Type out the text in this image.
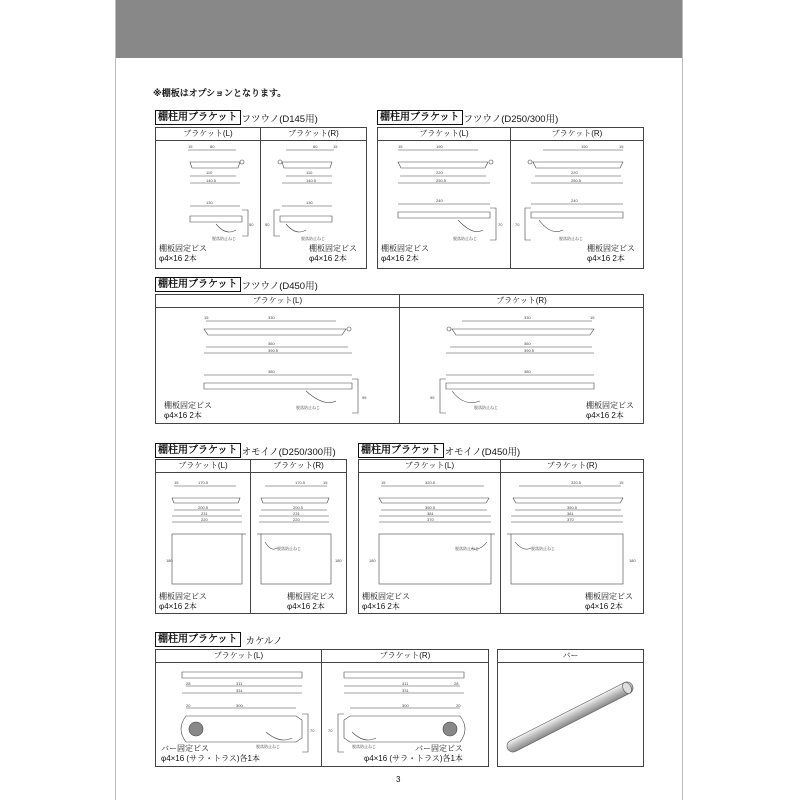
※棚板はオプションとなります。
棚柱用ブラケット フツウノ(D145用)
ブラケット(L)
15	80
110
140.5
130
50
脱落防止ねじ
棚板固定ビス
φ4×16 2本
ブラケット(R)
80	15
110
140.5
130
50
脱落防止ねじ
棚板固定ビス
φ4×16 2本
棚柱用ブラケット フツウノ(D250/300用)
ブラケット(L)
15	190
220
250.5
240
70
脱落防止ねじ
棚板固定ビス
φ4×16 2本
ブラケット(R)
190	15
220
250.5
240
70
脱落防止ねじ
棚板固定ビス
φ4×16 2本
棚柱用ブラケット フツウノ(D450用)
ブラケット(L)
15	330
360
390.5
380
95
脱落防止ねじ
棚板固定ビス
φ4×16 2本
ブラケット(R)
330	15
360
390.5
380
95
脱落防止ねじ	棚板固定ビス
φ4×16 2本
棚柱用ブラケット オモイノ(D250/300用)
ブラケット(L)
15	170.5
200.5
231
220
180
棚板固定ビス
φ4×16 2本
ブラケット(R)
170.5	15
200.5
231
220
脱落防止ねじ
180
棚板固定ビス
φ4×16 2本
棚柱用ブラケット オモイノ(D450用)
ブラケット(L)
15	320.5
350.5
381
370
脱落防止ねじ
180
棚板固定ビス
φ4×16 2本
ブラケット(R)
320.5	15
350.5
381
370
脱落防止ねじ
180
棚板固定ビス
φ4×16 2本
棚柱用ブラケット カケルノ
ブラケット(L)
28	311
331
20	300
70
脱落防止ねじ
バー固定ビス
φ4×16 (サラ・トラス)各1本
ブラケット(R)
311	28
331
300	20
70
脱落防止ねじ	バー固定ビス
φ4×16 (サラ・トラス)各1本
バー
3
